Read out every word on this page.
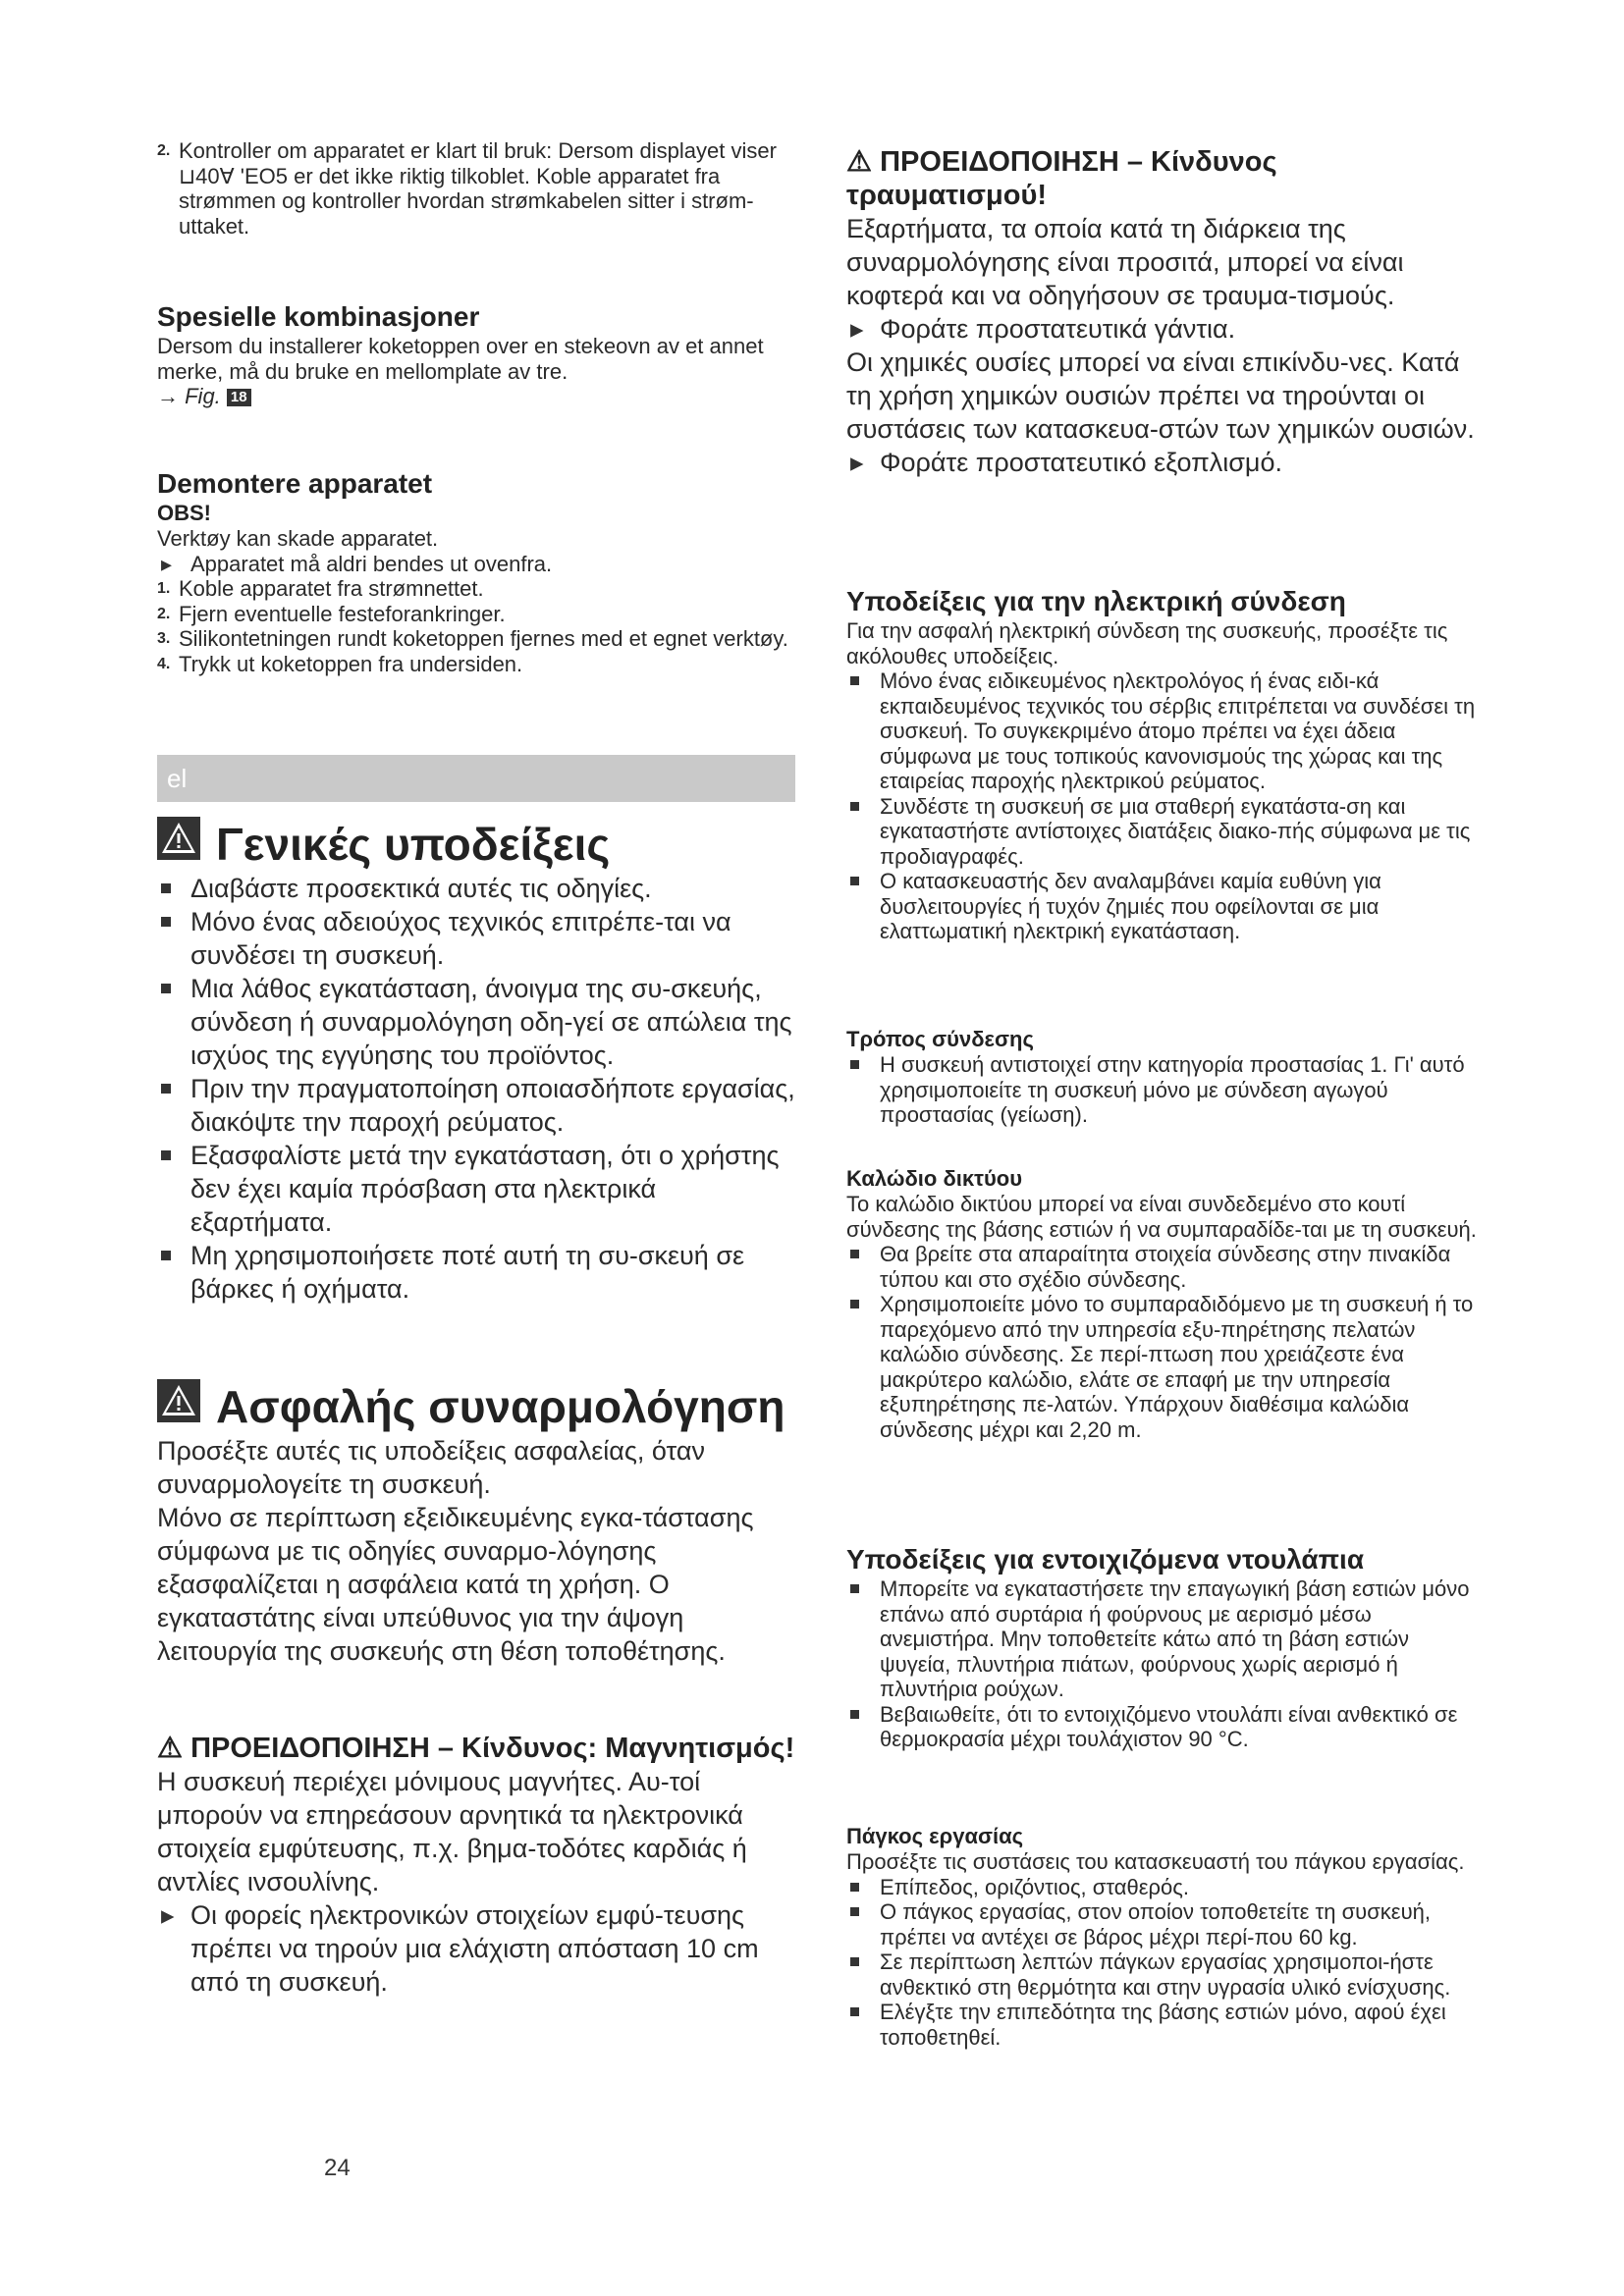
2. Kontroller om apparatet er klart til bruk: Dersom displayet viser ⊔40Ɐ ʹEO5 er det ikke riktig tilkoblet. Koble apparatet fra strømmen og kontroller hvordan strømkabelen sitter i strøm-uttaket.
Spesielle kombinasjoner

Dersom du installerer koketoppen over en stekeovn av et annet merke, må du bruke en mellomplate av tre.

→ Fig. 18

Demontere apparatet
OBS!

Verktøy kan skade apparatet.

▸ Apparatet må aldri bendes ut ovenfra.
1. Koble apparatet fra strømnettet.
2. Fjern eventuelle festeforankringer.
3. Silikontetningen rundt koketoppen fjernes med et egnet verktøy.
4. Trykk ut koketoppen fra undersiden.
el
Γενικές υποδείξεις
Διαβάστε προσεκτικά αυτές τις οδηγίες.
Μόνο ένας αδειούχος τεχνικός επιτρέπε-ται να συνδέσει τη συσκευή.
Μια λάθος εγκατάσταση, άνοιγμα της συ-σκευής, σύνδεση ή συναρμολόγηση οδη-γεί σε απώλεια της ισχύος της εγγύησης του προϊόντος.
Πριν την πραγματοποίηση οποιασδήποτε εργασίας, διακόψτε την παροχή ρεύματος.
Εξασφαλίστε μετά την εγκατάσταση, ότι ο χρήστης δεν έχει καμία πρόσβαση στα ηλεκτρικά εξαρτήματα.
Μη χρησιμοποιήσετε ποτέ αυτή τη συ-σκευή σε βάρκες ή οχήματα.
Ασφαλής συναρμολόγηση

Προσέξτε αυτές τις υποδείξεις ασφαλείας, όταν συναρμολογείτε τη συσκευή.

Μόνο σε περίπτωση εξειδικευμένης εγκα-τάστασης σύμφωνα με τις οδηγίες συναρμο-λόγησης εξασφαλίζεται η ασφάλεια κατά τη χρήση. Ο εγκαταστάτης είναι υπεύθυνος για την άψογη λειτουργία της συσκευής στη θέση τοποθέτησης.

⚠ ΠΡΟΕΙΔΟΠΟΙΗΣΗ – Κίνδυνος: Μαγνητισμός!

Η συσκευή περιέχει μόνιμους μαγνήτες. Αυ-τοί μπορούν να επηρεάσουν αρνητικά τα ηλεκτρονικά στοιχεία εμφύτευσης, π.χ. βημα-τοδότες καρδιάς ή αντλίες ινσουλίνης.

▸ Οι φορείς ηλεκτρονικών στοιχείων εμφύ-τευσης πρέπει να τηρούν μια ελάχιστη απόσταση 10 cm από τη συσκευή.
24
⚠ ΠΡΟΕΙΔΟΠΟΙΗΣΗ – Κίνδυνος τραυματισμού!

Εξαρτήματα, τα οποία κατά τη διάρκεια της συναρμολόγησης είναι προσιτά, μπορεί να είναι κοφτερά και να οδηγήσουν σε τραυμα-τισμούς.

▸ Φοράτε προστατευτικά γάντια.

Οι χημικές ουσίες μπορεί να είναι επικίνδυ-νες. Κατά τη χρήση χημικών ουσιών πρέπει να τηρούνται οι συστάσεις των κατασκευα-στών των χημικών ουσιών.

▸ Φοράτε προστατευτικό εξοπλισμό.
Υποδείξεις για την ηλεκτρική σύνδεση

Για την ασφαλή ηλεκτρική σύνδεση της συσκευής, προσέξτε τις ακόλουθες υποδείξεις.

Μόνο ένας ειδικευμένος ηλεκτρολόγος ή ένας ειδι-κά εκπαιδευμένος τεχνικός του σέρβις επιτρέπεται να συνδέσει τη συσκευή. Το συγκεκριμένο άτομο πρέπει να έχει άδεια σύμφωνα με τους τοπικούς κανονισμούς της χώρας και της εταιρείας παροχής ηλεκτρικού ρεύματος.
Συνδέστε τη συσκευή σε μια σταθερή εγκατάστα-ση και εγκαταστήστε αντίστοιχες διατάξεις διακο-πής σύμφωνα με τις προδιαγραφές.
Ο κατασκευαστής δεν αναλαμβάνει καμία ευθύνη για δυσλειτουργίες ή τυχόν ζημιές που οφείλονται σε μια ελαττωματική ηλεκτρική εγκατάσταση.
Τρόπος σύνδεσης
Η συσκευή αντιστοιχεί στην κατηγορία προστασίας 1. Γι' αυτό χρησιμοποιείτε τη συσκευή μόνο με σύνδεση αγωγού προστασίας (γείωση).
Καλώδιο δικτύου

Το καλώδιο δικτύου μπορεί να είναι συνδεδεμένο στο κουτί σύνδεσης της βάσης εστιών ή να συμπαραδίδε-ται με τη συσκευή.

Θα βρείτε στα απαραίτητα στοιχεία σύνδεσης στην πινακίδα τύπου και στο σχέδιο σύνδεσης.
Χρησιμοποιείτε μόνο το συμπαραδιδόμενο με τη συσκευή ή το παρεχόμενο από την υπηρεσία εξυ-πηρέτησης πελατών καλώδιο σύνδεσης. Σε περί-πτωση που χρειάζεστε ένα μακρύτερο καλώδιο, ελάτε σε επαφή με την υπηρεσία εξυπηρέτησης πε-λατών. Υπάρχουν διαθέσιμα καλώδια σύνδεσης μέχρι και 2,20 m.
Υποδείξεις για εντοιχιζόμενα ντουλάπια
Μπορείτε να εγκαταστήσετε την επαγωγική βάση εστιών μόνο επάνω από συρτάρια ή φούρνους με αερισμό μέσω ανεμιστήρα. Μην τοποθετείτε κάτω από τη βάση εστιών ψυγεία, πλυντήρια πιάτων, φούρνους χωρίς αερισμό ή πλυντήρια ρούχων.
Βεβαιωθείτε, ότι το εντοιχιζόμενο ντουλάπι είναι ανθεκτικό σε θερμοκρασία μέχρι τουλάχιστον 90 °C.
Πάγκος εργασίας

Προσέξτε τις συστάσεις του κατασκευαστή του πάγκου εργασίας.

Επίπεδος, οριζόντιος, σταθερός.
Ο πάγκος εργασίας, στον οποίον τοποθετείτε τη συσκευή, πρέπει να αντέχει σε βάρος μέχρι περί-που 60 kg.
Σε περίπτωση λεπτών πάγκων εργασίας χρησιμοποι-ήστε ανθεκτικό στη θερμότητα και στην υγρασία υλικό ενίσχυσης.
Ελέγξτε την επιπεδότητα της βάσης εστιών μόνο, αφού έχει τοποθετηθεί.
